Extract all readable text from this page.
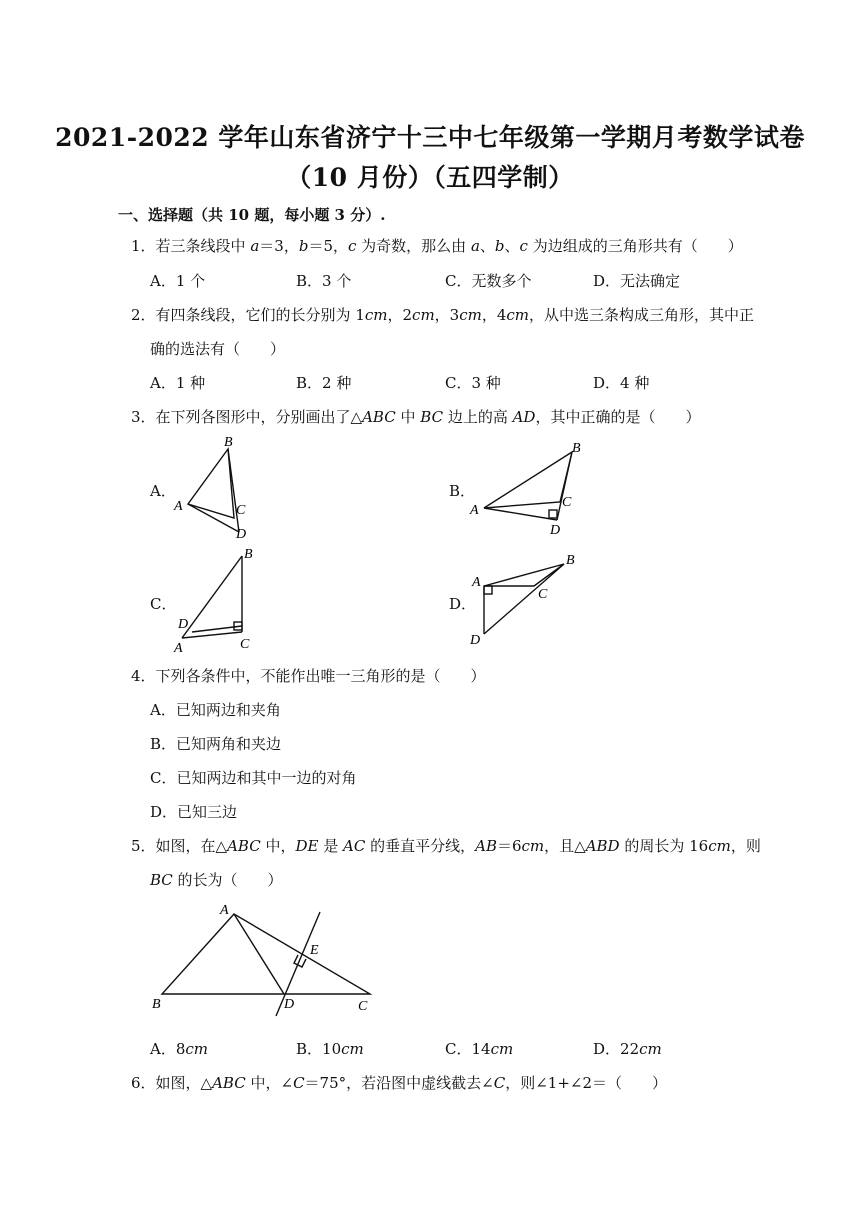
2021-2022 学年山东省济宁十三中七年级第一学期月考数学试卷
（10 月份）（五四学制）
一、选择题（共 10 题，每小题 3 分）.
1．若三条线段中 a＝3，b＝5，c 为奇数，那么由 a、b、c 为边组成的三角形共有（　　）
A．1 个	B．3 个	C．无数多个	D．无法确定
2．有四条线段，它们的长分别为 1cm，2cm，3cm，4cm，从中选三条构成三角形，其中正
确的选法有（　　）
A．1 种	B．2 种	C．3 种	D．4 种
3．在下列各图形中，分别画出了△ABC 中 BC 边上的高 AD，其中正确的是（　　）
A．	B．
C．	D．
B
A	C
D
B
A
C
D
B
D
C
A
B
A
C
D
4．下列各条件中，不能作出唯一三角形的是（　　）
A．已知两边和夹角
B．已知两角和夹边
C．已知两边和其中一边的对角
D．已知三边
5．如图，在△ABC 中，DE 是 AC 的垂直平分线，AB＝6cm，且△ABD 的周长为 16cm，则
BC 的长为（　　）
A
B	D
E
C
A．8cm	B．10cm	C．14cm	D．22cm
6．如图，△ABC 中，∠C＝75°，若沿图中虚线截去∠C，则∠1+∠2＝（　　）
